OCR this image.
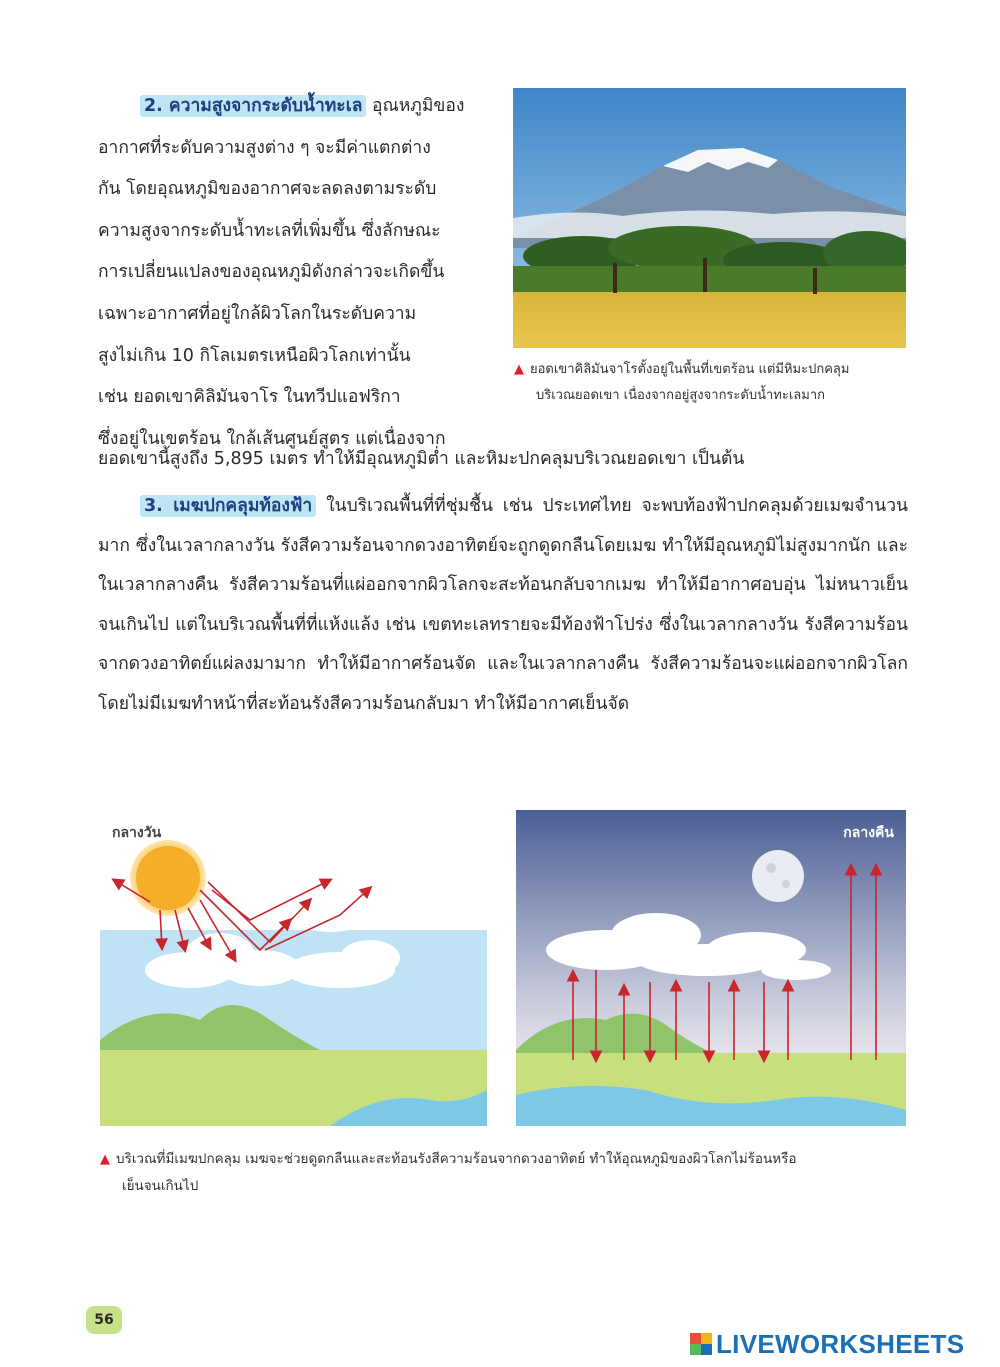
2. ความสูงจากระดับน้ำทะเล อุณหภูมิของ
อากาศที่ระดับความสูงต่าง ๆ จะมีค่าแตกต่าง
กัน โดยอุณหภูมิของอากาศจะลดลงตามระดับ
ความสูงจากระดับน้ำทะเลที่เพิ่มขึ้น ซึ่งลักษณะ
การเปลี่ยนแปลงของอุณหภูมิดังกล่าวจะเกิดขึ้น
เฉพาะอากาศที่อยู่ใกล้ผิวโลกในระดับความ
สูงไม่เกิน 10 กิโลเมตรเหนือผิวโลกเท่านั้น
เช่น ยอดเขาคิลิมันจาโร ในทวีปแอฟริกา
ซึ่งอยู่ในเขตร้อน ใกล้เส้นศูนย์สูตร แต่เนื่องจาก
ยอดเขานี้สูงถึง 5,895 เมตร ทำให้มีอุณหภูมิต่ำ และหิมะปกคลุมบริเวณยอดเขา เป็นต้น
▲ ยอดเขาคิลิมันจาโรตั้งอยู่ในพื้นที่เขตร้อน แต่มีหิมะปกคลุม
บริเวณยอดเขา เนื่องจากอยู่สูงจากระดับน้ำทะเลมาก
3. เมฆปกคลุมท้องฟ้า ในบริเวณพื้นที่ที่ชุ่มชื้น เช่น ประเทศไทย จะพบท้องฟ้าปกคลุมด้วยเมฆจำนวนมาก ซึ่งในเวลากลางวัน รังสีความร้อนจากดวงอาทิตย์จะถูกดูดกลืนโดยเมฆ ทำให้มีอุณหภูมิไม่สูงมากนัก และในเวลากลางคืน รังสีความร้อนที่แผ่ออกจากผิวโลกจะสะท้อนกลับจากเมฆ ทำให้มีอากาศอบอุ่น ไม่หนาวเย็นจนเกินไป แต่ในบริเวณพื้นที่ที่แห้งแล้ง เช่น เขตทะเลทรายจะมีท้องฟ้าโปร่ง ซึ่งในเวลากลางวัน รังสีความร้อนจากดวงอาทิตย์แผ่ลงมามาก ทำให้มีอากาศร้อนจัด และในเวลากลางคืน รังสีความร้อนจะแผ่ออกจากผิวโลกโดยไม่มีเมฆทำหน้าที่สะท้อนรังสีความร้อนกลับมา ทำให้มีอากาศเย็นจัด
กลางวัน	กลางคืน
▲ บริเวณที่มีเมฆปกคลุม เมฆจะช่วยดูดกลืนและสะท้อนรังสีความร้อนจากดวงอาทิตย์ ทำให้อุณหภูมิของผิวโลกไม่ร้อนหรือ
เย็นจนเกินไป
56
LIVEWORKSHEETS
